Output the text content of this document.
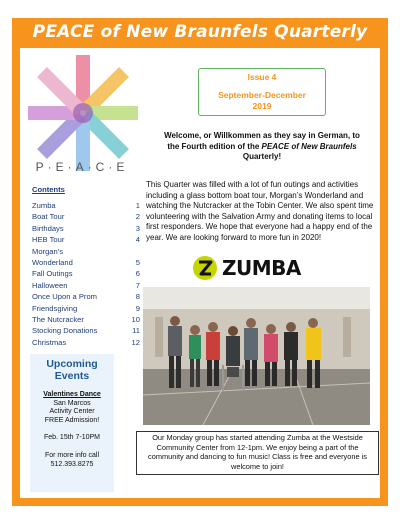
PEACE of New Braunfels Quarterly
P·E·A·C·E
Issue 4
September-December
2019
Welcome, or Willkommen as they say in German, to
the Fourth edition of the PEACE of New Braunfels
Quarterly!
This Quarter was filled with a lot of fun outings and activities including a glass bottom boat tour, Morgan’s Wonderland and watching the Nutcracker at the Tobin Center. We also spent time volunteering with the Salvation Army and donating items to local first responders. We hope that everyone had a happy end of the year. We are looking forward to more fun in 2020!
Contents
Zumba	1
Boat Tour	2
Birthdays	3
HEB Tour	4
Morgan’s
Wonderland	5
Fall Outings	6
Halloween	7
Once Upon a Prom	8
Friendsgiving	9
The Nutcracker	10
Stocking Donations	11
Christmas	12
Upcoming
Events
Valentines Dance
San Marcos
Activity Center
FREE Admission!
Feb. 15th 7-10PM
For more info call
512.393.8275
ZUMBA
Our Monday group has started attending Zumba at the Westside Community Center from 12-1pm. We enjoy being a part of the community and dancing to fun music! Class is free and everyone is welcome to join!
